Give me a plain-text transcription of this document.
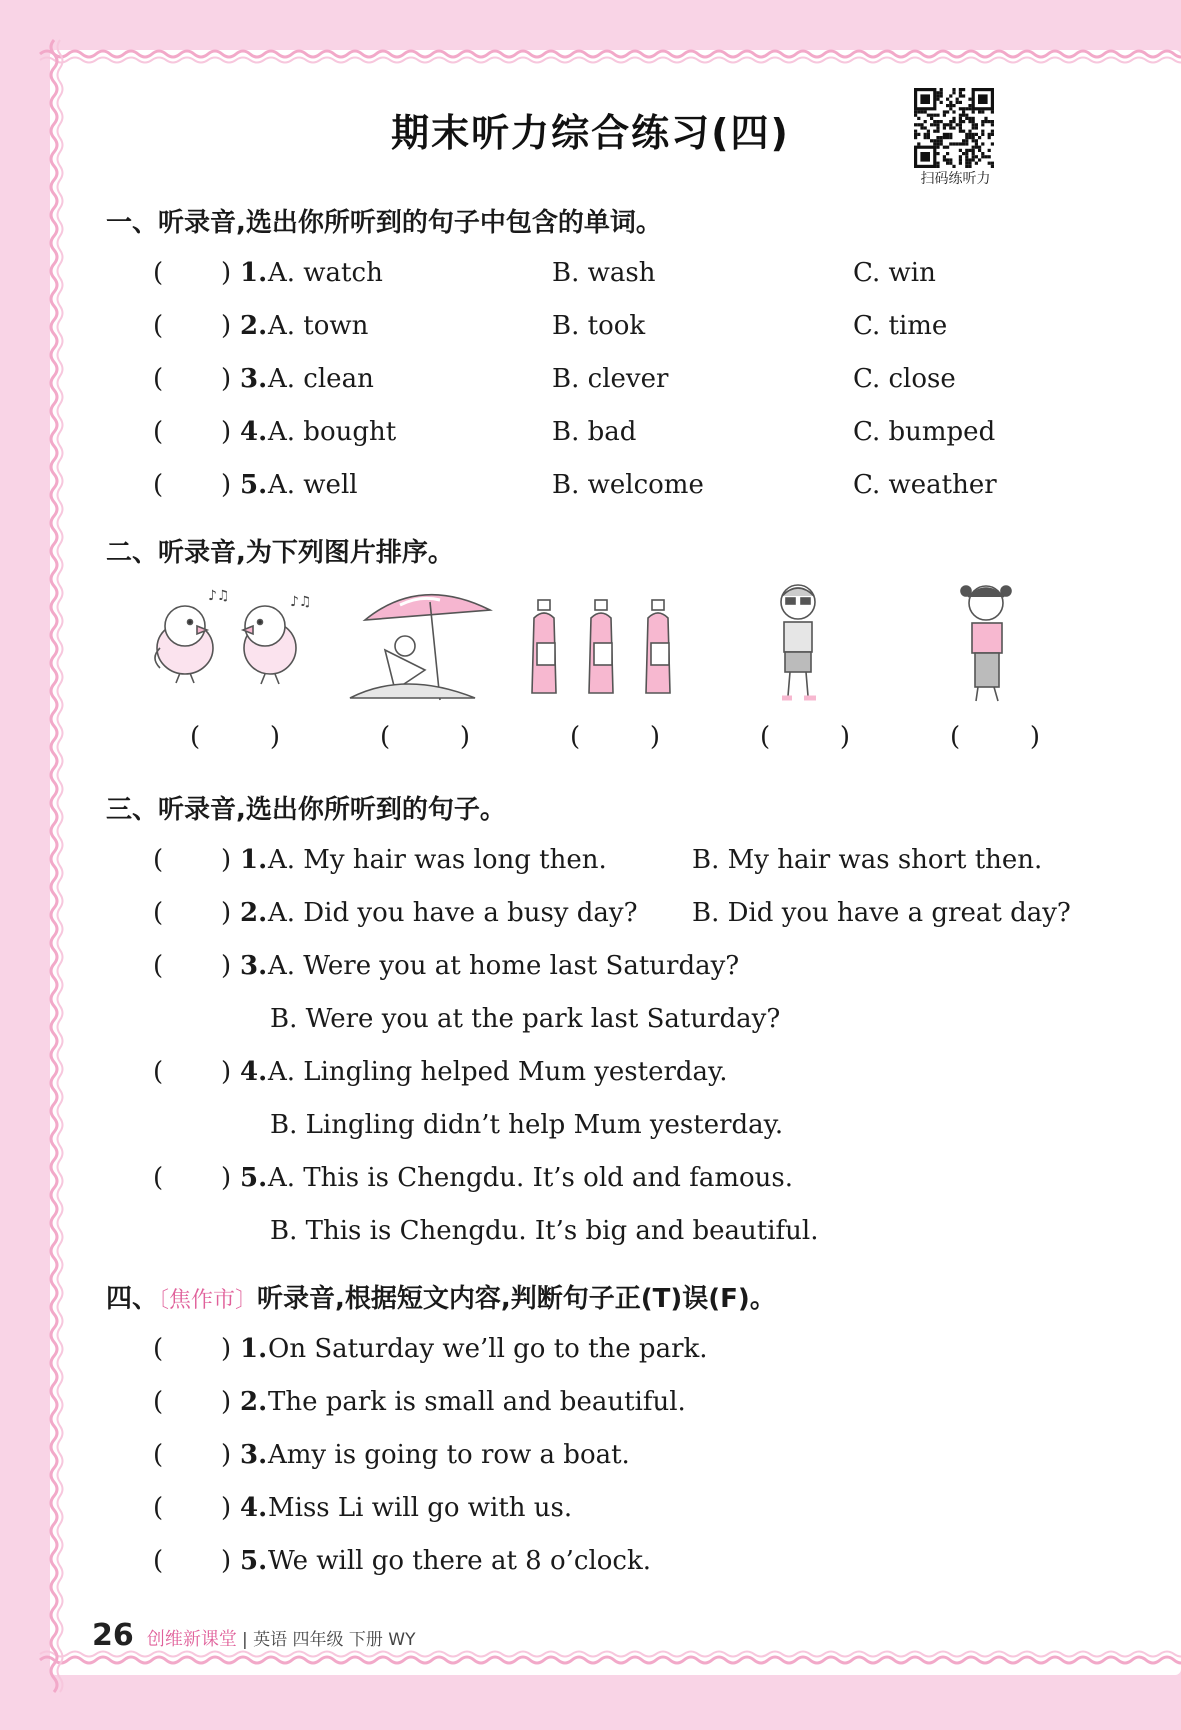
期末听力综合练习(四)
扫码练听力
一、听录音,选出你所听到的句子中包含的单词。
(       ) 1. A. watch	B. wash	C. win
(       ) 2. A. town	B. took	C. time
(       ) 3. A. clean	B. clever	C. close
(       ) 4. A. bought	B. bad	C. bumped
(       ) 5. A. well	B. welcome	C. weather
二、听录音,为下列图片排序。
♪♫	♪♫
(	)	(	)	(	)	(	)	(	)
三、听录音,选出你所听到的句子。
(       ) 1. A. My hair was long then.	B. My hair was short then.
(       ) 2. A. Did you have a busy day? B. Did you have a great day?
(       ) 3. A. Were you at home last Saturday?
B. Were you at the park last Saturday?
(       ) 4. A. Lingling helped Mum yesterday.
B. Lingling didn’t help Mum yesterday.
(       ) 5. A. This is Chengdu. It’s old and famous.
B. This is Chengdu. It’s big and beautiful.
四、〔焦作市〕听录音,根据短文内容,判断句子正(T)误(F)。
(       ) 1. On Saturday we’ll go to the park.
(       ) 2. The park is small and beautiful.
(       ) 3. Amy is going to row a boat.
(       ) 4. Miss Li will go with us.
(       ) 5. We will go there at 8 o’clock.
26 创维新课堂 | 英语 四年级 下册 WY
